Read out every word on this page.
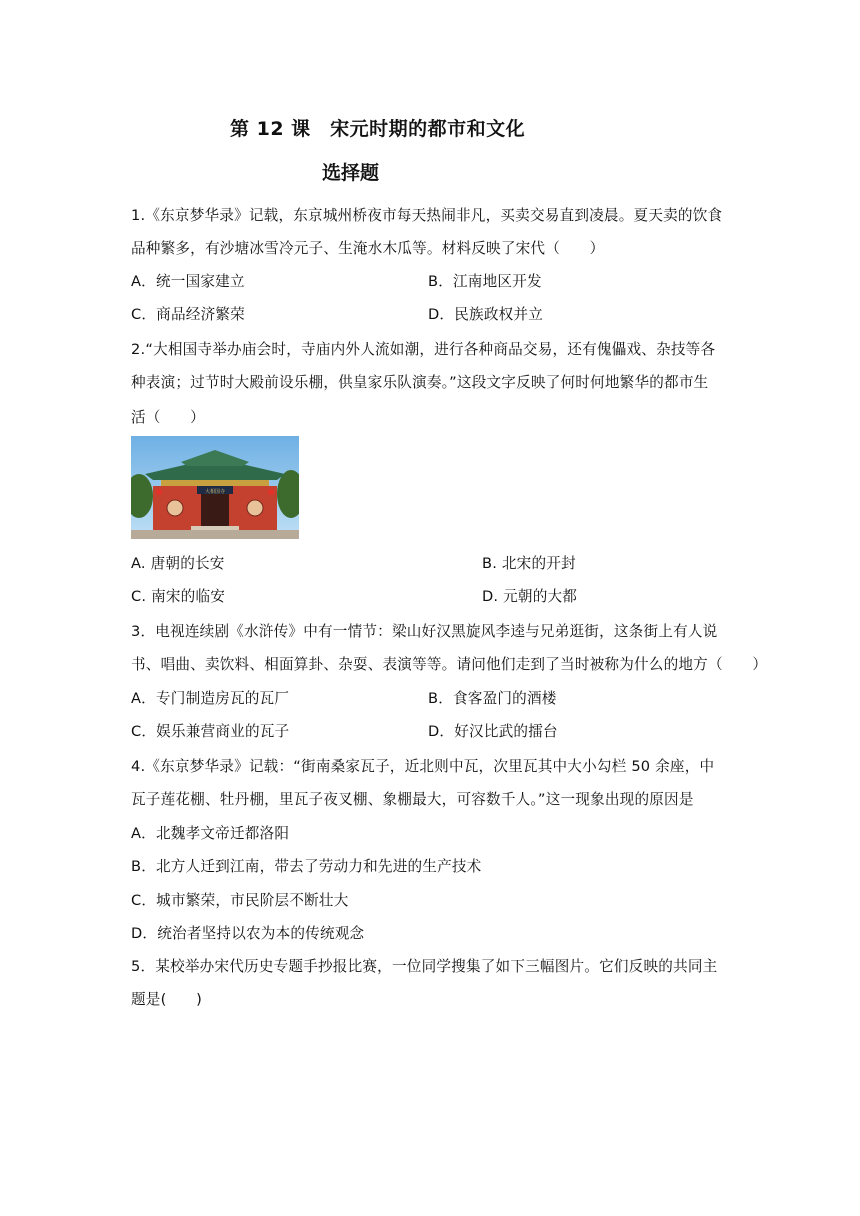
第 12 课　宋元时期的都市和文化
选择题
1.《东京梦华录》记载，东京城州桥夜市每天热闹非凡，买卖交易直到凌晨。夏天卖的饮食
品种繁多，有沙塘冰雪冷元子、生淹水木瓜等。材料反映了宋代（　　）
A．统一国家建立	B．江南地区开发
C．商品经济繁荣	D．民族政权并立
2.“大相国寺举办庙会时，寺庙内外人流如潮，进行各种商品交易，还有傀儡戏、杂技等各
种表演；过节时大殿前设乐棚，供皇家乐队演奏。”这段文字反映了何时何地繁华的都市生
活（　　）
大相国寺
A. 唐朝的长安	B. 北宋的开封
C. 南宋的临安	D. 元朝的大都
3．电视连续剧《水浒传》中有一情节：梁山好汉黑旋风李逵与兄弟逛街，这条街上有人说
书、唱曲、卖饮料、相面算卦、杂耍、表演等等。请问他们走到了当时被称为什么的地方（　　）
A．专门制造房瓦的瓦厂	B．食客盈门的酒楼
C．娱乐兼营商业的瓦子	D．好汉比武的擂台
4.《东京梦华录》记载：“街南桑家瓦子，近北则中瓦，次里瓦其中大小勾栏 50 余座，中
瓦子莲花棚、牡丹棚，里瓦子夜叉棚、象棚最大，可容数千人。”这一现象出现的原因是
A．北魏孝文帝迁都洛阳
B．北方人迁到江南，带去了劳动力和先进的生产技术
C．城市繁荣，市民阶层不断壮大
D．统治者坚持以农为本的传统观念
5．某校举办宋代历史专题手抄报比赛，一位同学搜集了如下三幅图片。它们反映的共同主
题是(　　)
